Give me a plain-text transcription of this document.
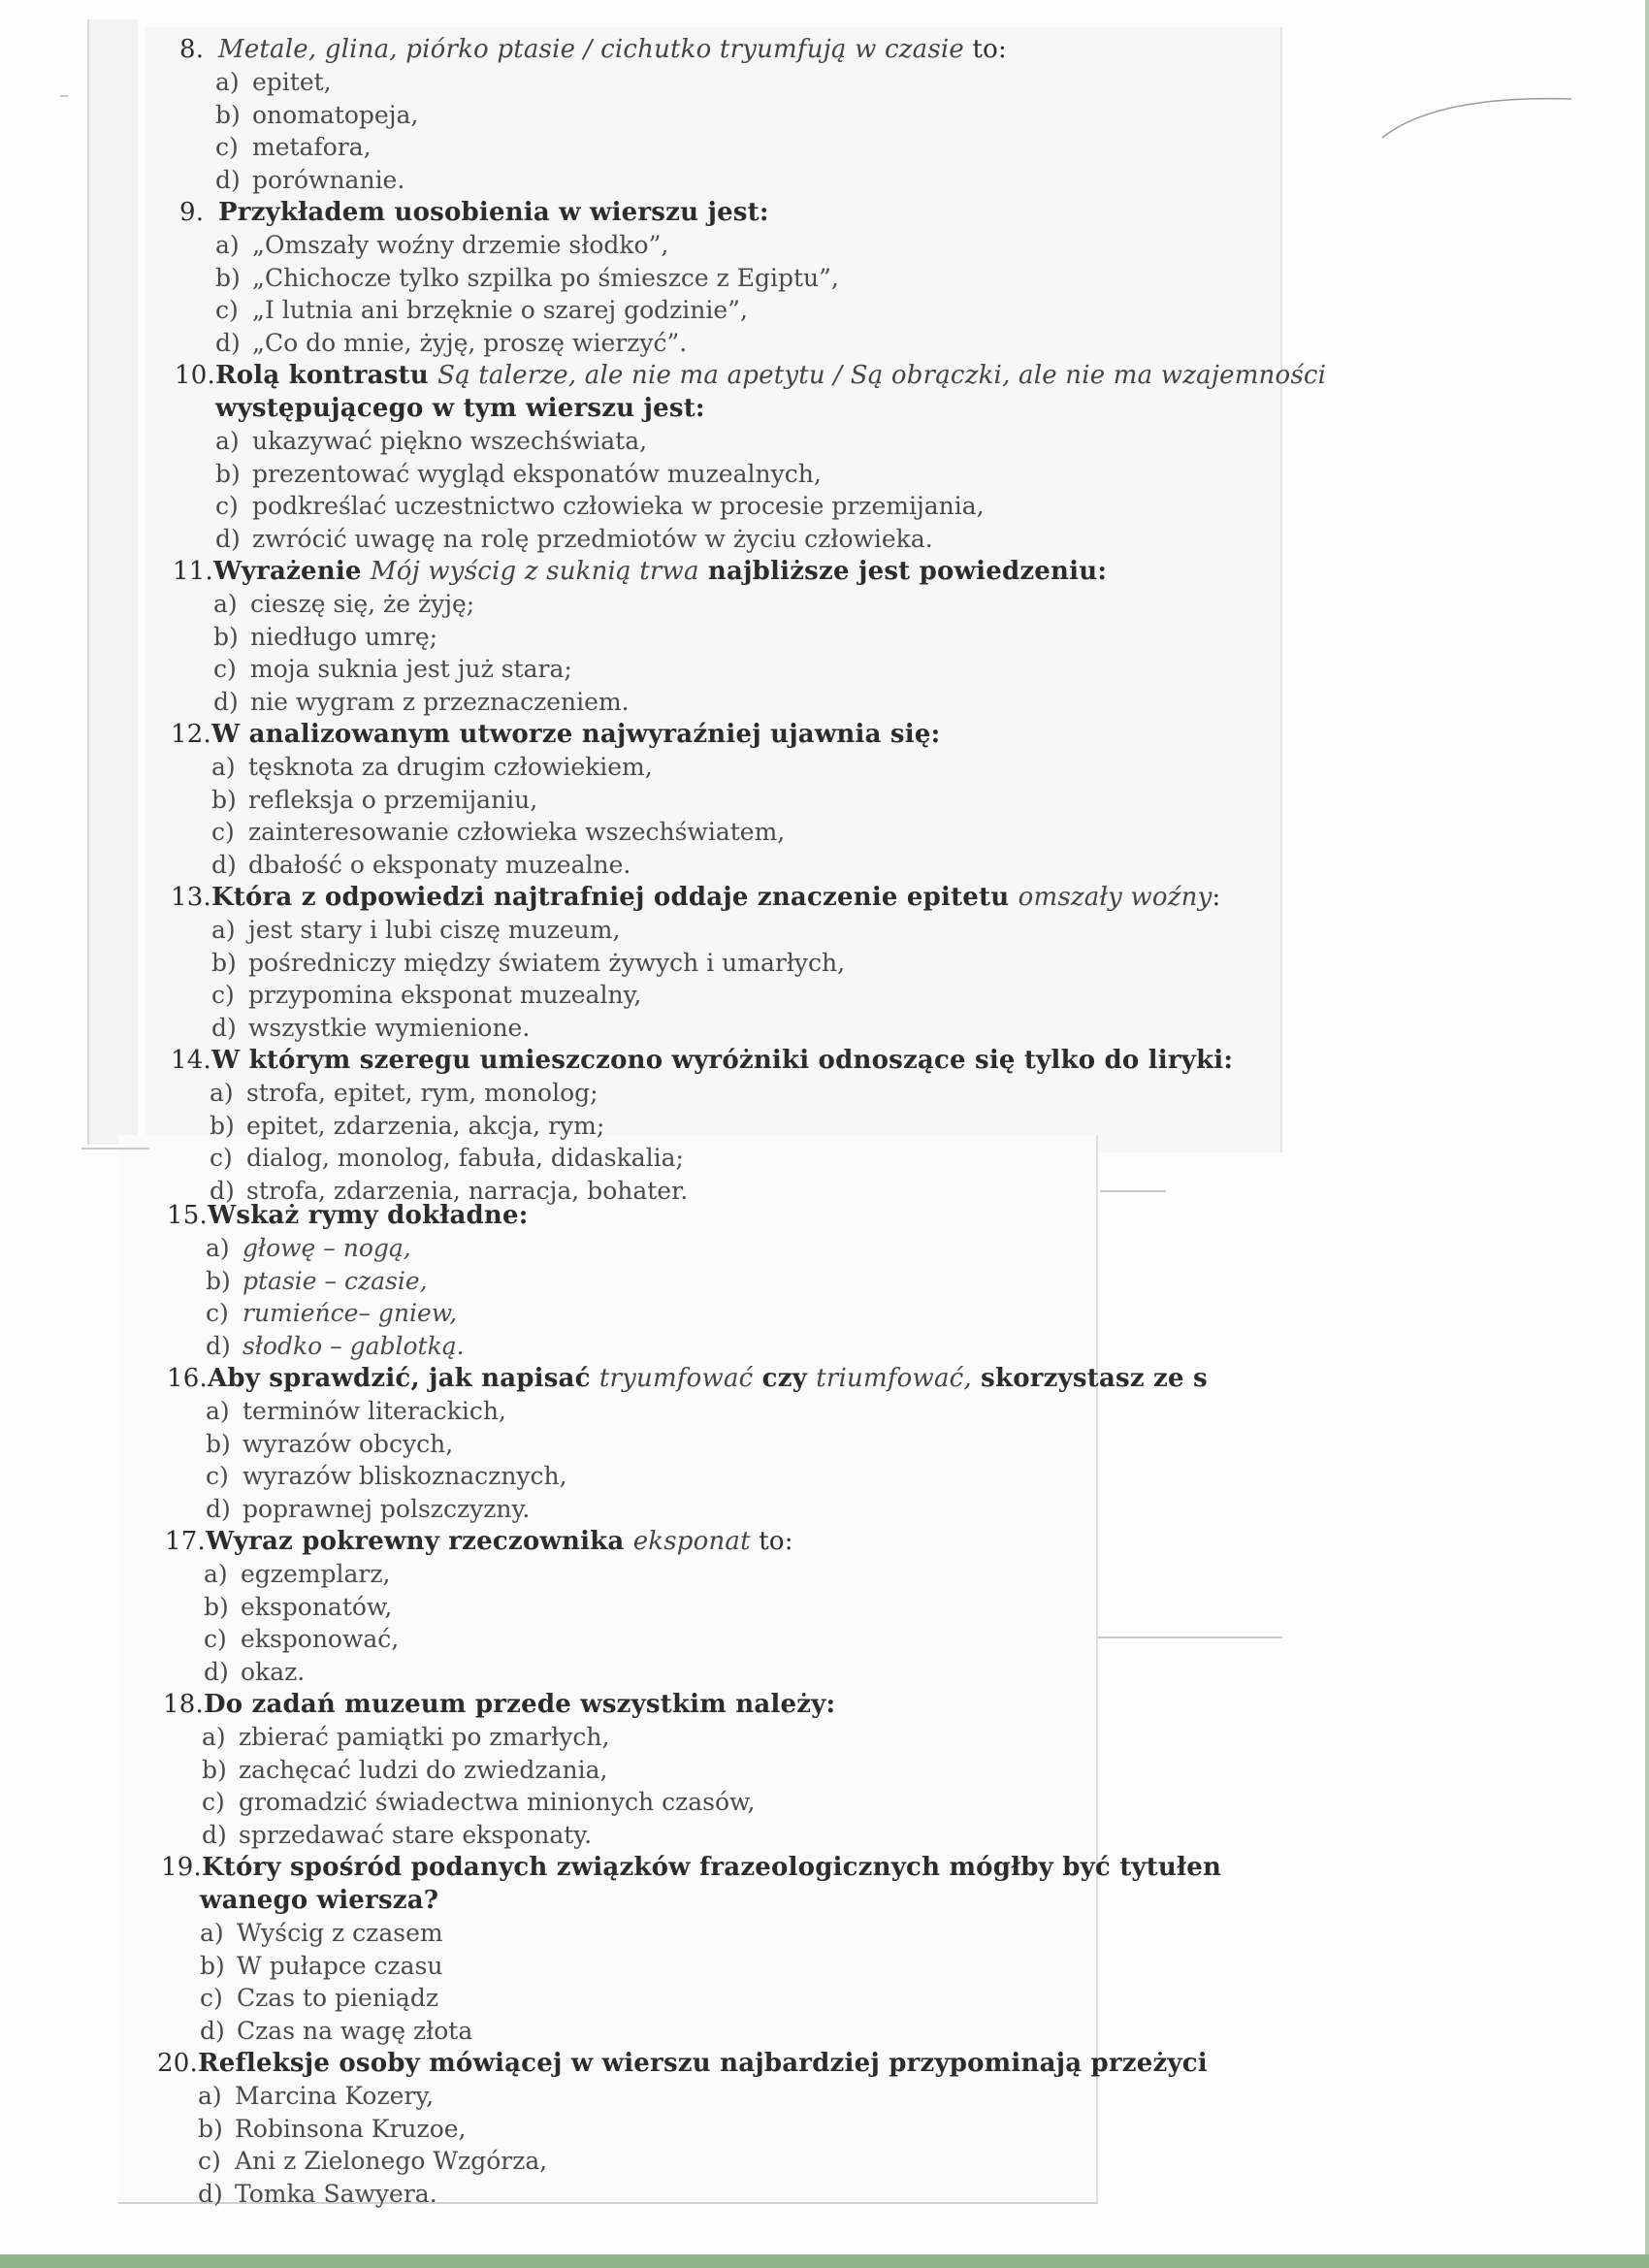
8. Metale, glina, piórko ptasie / cichutko tryumfują w czasie to:
a) epitet,
b) onomatopeja,
c) metafora,
d) porównanie.
9. Przykładem uosobienia w wierszu jest:
a) „Omszały woźny drzemie słodko”,
b) „Chichocze tylko szpilka po śmieszce z Egiptu”,
c) „I lutnia ani brzęknie o szarej godzinie”,
d) „Co do mnie, żyję, proszę wierzyć”.
10.Rolą kontrastu Są talerze, ale nie ma apetytu / Są obrączki, ale nie ma wzajemności
występującego w tym wierszu jest:
a) ukazywać piękno wszechświata,
b) prezentować wygląd eksponatów muzealnych,
c) podkreślać uczestnictwo człowieka w procesie przemijania,
d) zwrócić uwagę na rolę przedmiotów w życiu człowieka.
11.Wyrażenie Mój wyścig z suknią trwa najbliższe jest powiedzeniu:
a) cieszę się, że żyję;
b) niedługo umrę;
c) moja suknia jest już stara;
d) nie wygram z przeznaczeniem.
12.W analizowanym utworze najwyraźniej ujawnia się:
a) tęsknota za drugim człowiekiem,
b) refleksja o przemijaniu,
c) zainteresowanie człowieka wszechświatem,
d) dbałość o eksponaty muzealne.
13.Która z odpowiedzi najtrafniej oddaje znaczenie epitetu omszały woźny:
a) jest stary i lubi ciszę muzeum,
b) pośredniczy między światem żywych i umarłych,
c) przypomina eksponat muzealny,
d) wszystkie wymienione.
14.W którym szeregu umieszczono wyróżniki odnoszące się tylko do liryki:
a) strofa, epitet, rym, monolog;
b) epitet, zdarzenia, akcja, rym;
c) dialog, monolog, fabuła, didaskalia;
d) strofa, zdarzenia, narracja, bohater.
15.Wskaż rymy dokładne:
a) głowę – nogą,
b) ptasie – czasie,
c) rumieńce– gniew,
d) słodko – gablotką.
16.Aby sprawdzić, jak napisać tryumfować czy triumfować, skorzystasz ze s
a) terminów literackich,
b) wyrazów obcych,
c) wyrazów bliskoznacznych,
d) poprawnej polszczyzny.
17.Wyraz pokrewny rzeczownika eksponat to:
a) egzemplarz,
b) eksponatów,
c) eksponować,
d) okaz.
18.Do zadań muzeum przede wszystkim należy:
a) zbierać pamiątki po zmarłych,
b) zachęcać ludzi do zwiedzania,
c) gromadzić świadectwa minionych czasów,
d) sprzedawać stare eksponaty.
19.Który spośród podanych związków frazeologicznych mógłby być tytułen
wanego wiersza?
a) Wyścig z czasem
b) W pułapce czasu
c) Czas to pieniądz
d) Czas na wagę złota
20.Refleksje osoby mówiącej w wierszu najbardziej przypominają przeżyci
a) Marcina Kozery,
b) Robinsona Kruzoe,
c) Ani z Zielonego Wzgórza,
d) Tomka Sawyera.
